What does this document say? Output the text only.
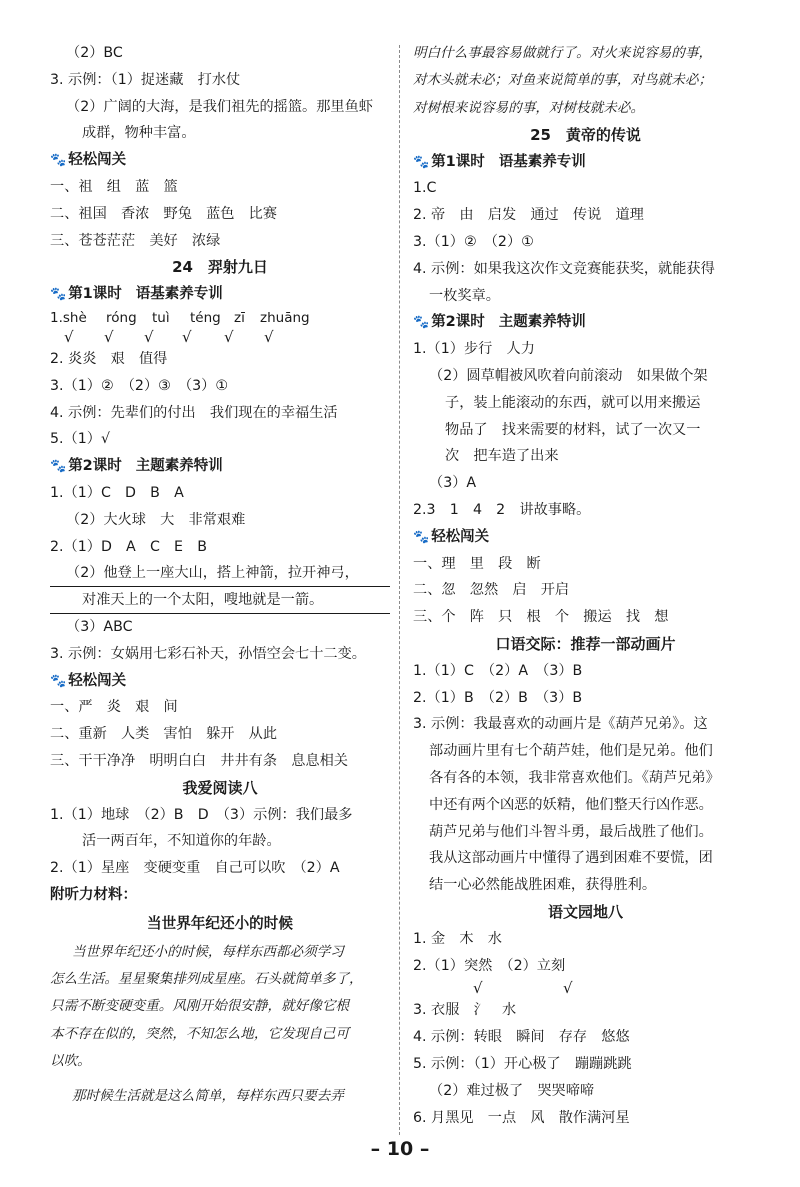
（2）BC
3. 示例：（1）捉迷藏　打水仗
（2）广阔的大海，是我们祖先的摇篮。那里鱼虾
成群，物种丰富。
🐾 轻松闯关
一、祖　组　蓝　篮
二、祖国　香浓　野兔　蓝色　比赛
三、苍苍茫茫　美好　浓绿
24　羿射九日
🐾 第1课时 语基素养专训
1.shè róng tuì téng zī zhuāng
√ √ √ √ √ √
2. 炎炎　艰　值得
3.（1）②　（2）③　（3）①
4. 示例：先辈们的付出　我们现在的幸福生活
5.（1）√
🐾 第2课时 主题素养特训
1.（1）C　D　B　A
（2）大火球　大　非常艰难
2.（1）D　A　C　E　B
（2）他登上一座大山，搭上神箭，拉开神弓，
对准天上的一个太阳，嗖地就是一箭。
（3）ABC
3. 示例：女娲用七彩石补天，孙悟空会七十二变。
🐾 轻松闯关
一、严　炎　艰　间
二、重新　人类　害怕　躲开　从此
三、干干净净　明明白白　井井有条　息息相关
我爱阅读八
1.（1）地球　（2）B　D　（3）示例：我们最多
活一两百年，不知道你的年龄。
2.（1）星座　变硬变重　自己可以吹　（2）A
附听力材料：
当世界年纪还小的时候
当世界年纪还小的时候，每样东西都必须学习
怎么生活。星星聚集排列成星座。石头就简单多了，
只需不断变硬变重。风刚开始很安静，就好像它根
本不存在似的，突然，不知怎么地，它发现自己可
以吹。
那时候生活就是这么简单，每样东西只要去弄
明白什么事最容易做就行了。对火来说容易的事，
对木头就未必；对鱼来说简单的事，对鸟就未必；
对树根来说容易的事，对树枝就未必。
25　黄帝的传说
🐾 第1课时 语基素养专训
1.C
2. 帝　由　启发　通过　传说　道理
3.（1）②　（2）①
4. 示例：如果我这次作文竞赛能获奖，就能获得
一枚奖章。
🐾 第2课时 主题素养特训
1.（1）步行　人力
（2）圆草帽被风吹着向前滚动　如果做个架
子，装上能滚动的东西，就可以用来搬运
物品了　找来需要的材料，试了一次又一
次　把车造了出来
（3）A
2.3　1　4　2　讲故事略。
🐾 轻松闯关
一、理　里　段　断
二、忽　忽然　启　开启
三、个　阵　只　根　个　搬运　找　想
口语交际：推荐一部动画片
1.（1）C　（2）A　（3）B
2.（1）B　（2）B　（3）B
3. 示例：我最喜欢的动画片是《葫芦兄弟》。这
部动画片里有七个葫芦娃，他们是兄弟。他们
各有各的本领，我非常喜欢他们。《葫芦兄弟》
中还有两个凶恶的妖精，他们整天行凶作恶。
葫芦兄弟与他们斗智斗勇，最后战胜了他们。
我从这部动画片中懂得了遇到困难不要慌，团
结一心必然能战胜困难，获得胜利。
语文园地八
1. 金　木　水
2.（1）突然　（2）立刻
√	√
3. 衣服　氵　水
4. 示例：转眼　瞬间　存存　悠悠
5. 示例：（1）开心极了　蹦蹦跳跳
（2）难过极了　哭哭啼啼
6. 月黑见　一点　风　散作满河星
– 10 –
